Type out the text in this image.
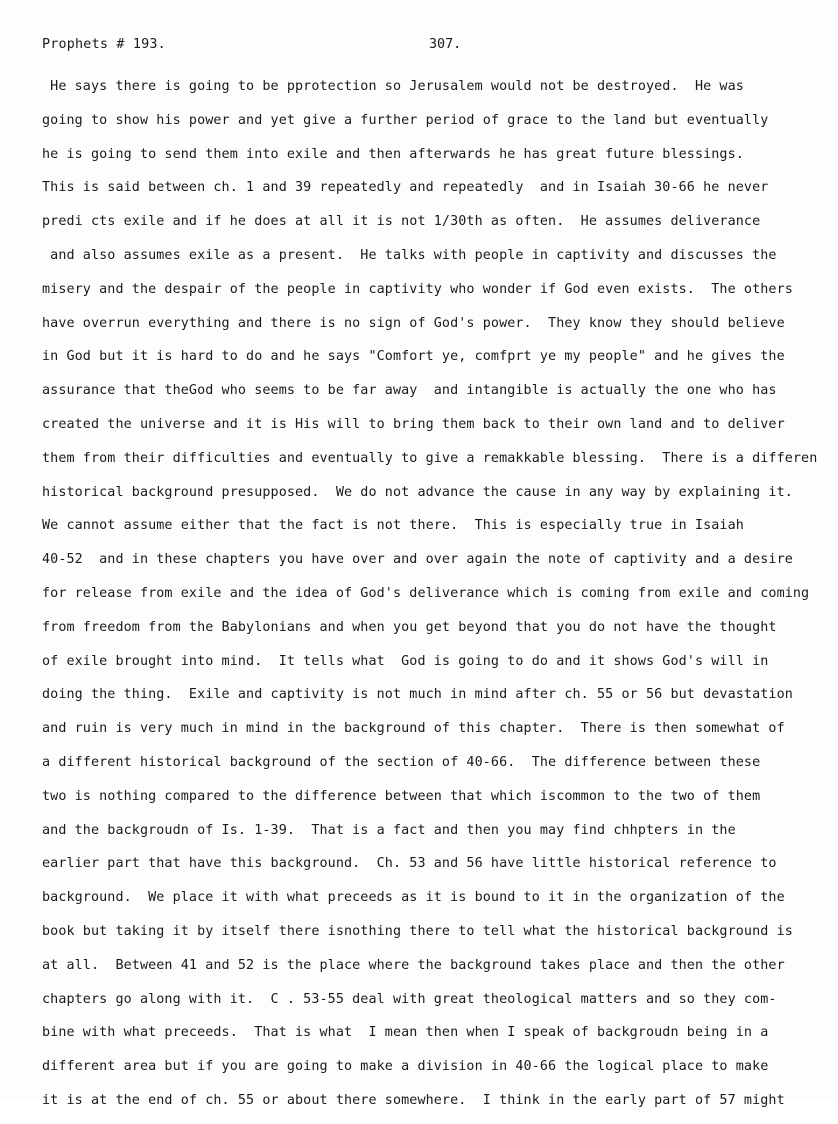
Prophets # 193.	307.
He says there is going to be pprotection so Jerusalem would not be destroyed.  He was
going to show his power and yet give a further period of grace to the land but eventually
he is going to send them into exile and then afterwards he has great future blessings.
This is said between ch. 1 and 39 repeatedly and repeatedly  and in Isaiah 30-66 he never
predi cts exile and if he does at all it is not 1/30th as often.  He assumes deliverance
and also assumes exile as a present.  He talks with people in captivity and discusses the
misery and the despair of the people in captivity who wonder if God even exists.  The others
have overrun everything and there is no sign of God's power.  They know they should believe
in God but it is hard to do and he says "Comfort ye, comfprt ye my people" and he gives the
assurance that theGod who seems to be far away  and intangible is actually the one who has
created the universe and it is His will to bring them back to their own land and to deliver
them from their difficulties and eventually to give a remakkable blessing.  There is a differen
historical background presupposed.  We do not advance the cause in any way by explaining it.
We cannot assume either that the fact is not there.  This is especially true in Isaiah
40-52  and in these chapters you have over and over again the note of captivity and a desire
for release from exile and the idea of God's deliverance which is coming from exile and coming
from freedom from the Babylonians and when you get beyond that you do not have the thought
of exile brought into mind.  It tells what  God is going to do and it shows God's will in
doing the thing.  Exile and captivity is not much in mind after ch. 55 or 56 but devastation
and ruin is very much in mind in the background of this chapter.  There is then somewhat of
a different historical background of the section of 40-66.  The difference between these
two is nothing compared to the difference between that which iscommon to the two of them
and the backgroudn of Is. 1-39.  That is a fact and then you may find chhpters in the
earlier part that have this background.  Ch. 53 and 56 have little historical reference to
background.  We place it with what preceeds as it is bound to it in the organization of the
book but taking it by itself there isnothing there to tell what the historical background is
at all.  Between 41 and 52 is the place where the background takes place and then the other
chapters go along with it.  C . 53-55 deal with great theological matters and so they com-
bine with what preceeds.  That is what  I mean then when I speak of backgroudn being in a
different area but if you are going to make a division in 40-66 the logical place to make
it is at the end of ch. 55 or about there somewhere.  I think in the early part of 57 might
